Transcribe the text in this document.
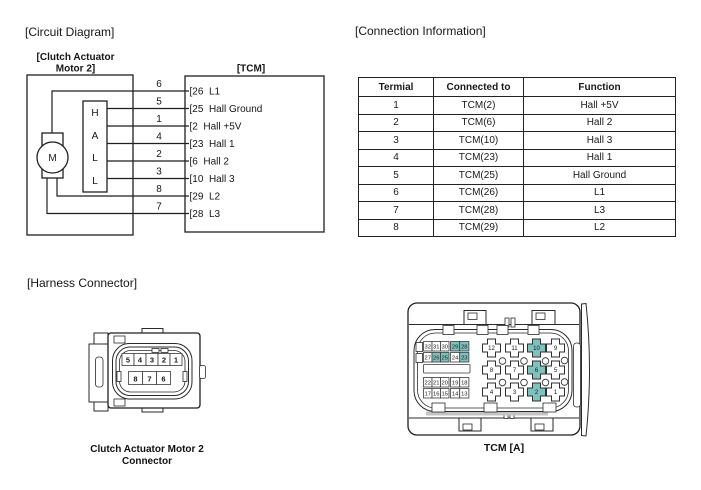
[Circuit Diagram]	[Connection Information]
[Harness Connector]
[Clutch Actuator
Motor 2]	[TCM]
M
H
A
L
L
6
5
1
4
2
3
8
7
[26  L1
[25  Hall Ground
[2  Hall +5V
[23  Hall 1
[6  Hall 2
[10  Hall 3
[29  L2
[28  L3
Termial	Connected to	Function
1	TCM(2)	Hall +5V
2	TCM(6)	Hall 2
3	TCM(10)	Hall 3
4	TCM(23)	Hall 1
5	TCM(25)	Hall Ground
6	TCM(26)	L1
7	TCM(28)	L3
8	TCM(29)	L2
5 4 3 2 1
8 7 6
Clutch Actuator Motor 2
Connector
32 31 30 29 28
27 26 25 24 23
22 21 20 19 18
17 16 15 14 13
12	11	10 9
8	7	6	5
4	3	2	1
TCM [A]
